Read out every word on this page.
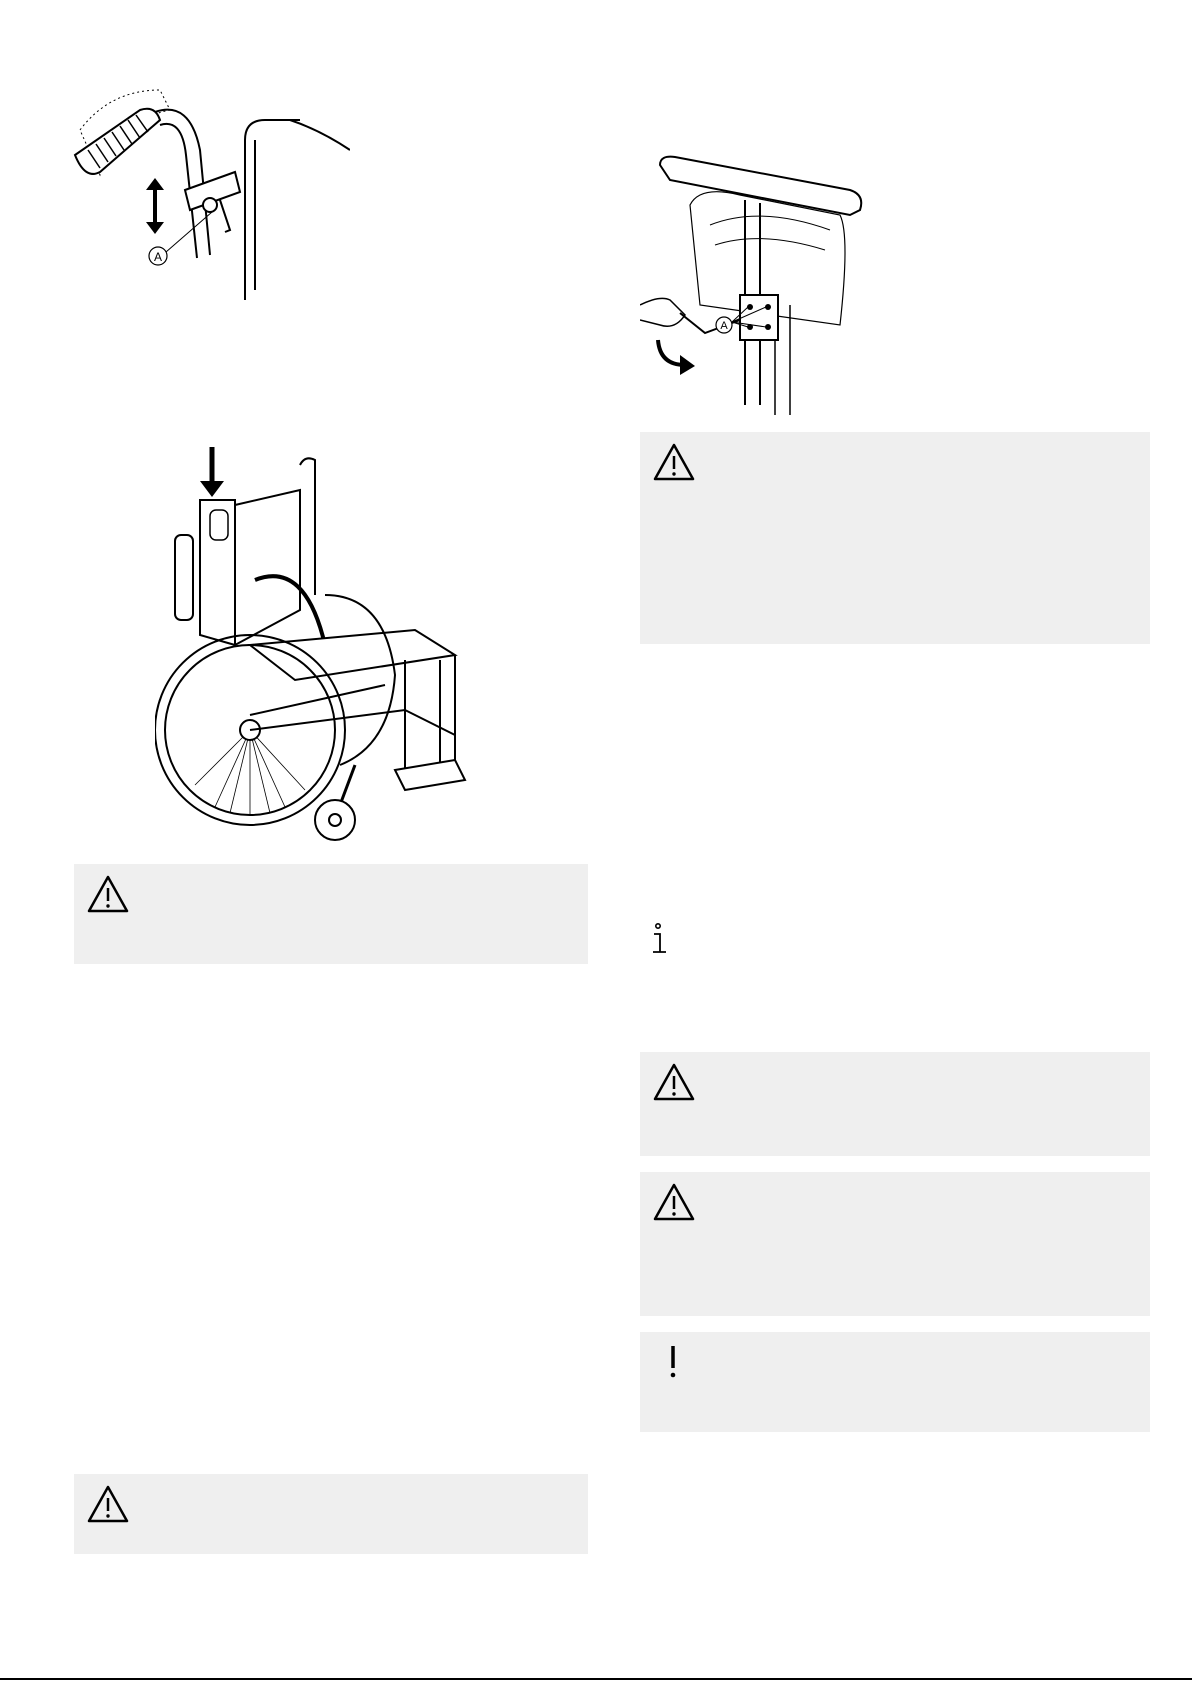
A
A
